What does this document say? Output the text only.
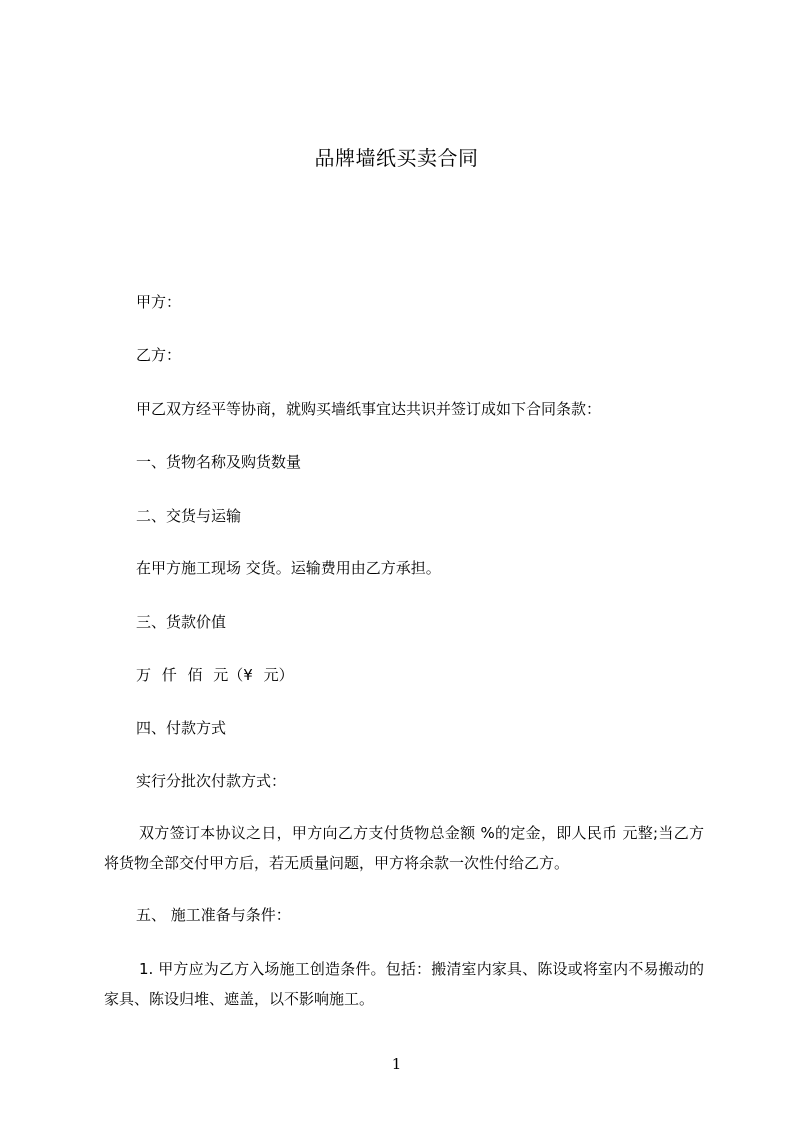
品牌墙纸买卖合同
甲方：
乙方：
甲乙双方经平等协商，就购买墙纸事宜达共识并签订成如下合同条款：
一、货物名称及购货数量
二、交货与运输
在甲方施工现场 交货。运输费用由乙方承担。
三、货款价值
万 仟 佰 元（¥ 元）
四、付款方式
实行分批次付款方式：
双方签订本协议之日，甲方向乙方支付货物总金额 %的定金，即人民币 元整;当乙方将货物全部交付甲方后，若无质量问题，甲方将余款一次性付给乙方。
五、 施工准备与条件：
1. 甲方应为乙方入场施工创造条件。包括：搬清室内家具、陈设或将室内不易搬动的家具、陈设归堆、遮盖，以不影响施工。
1
